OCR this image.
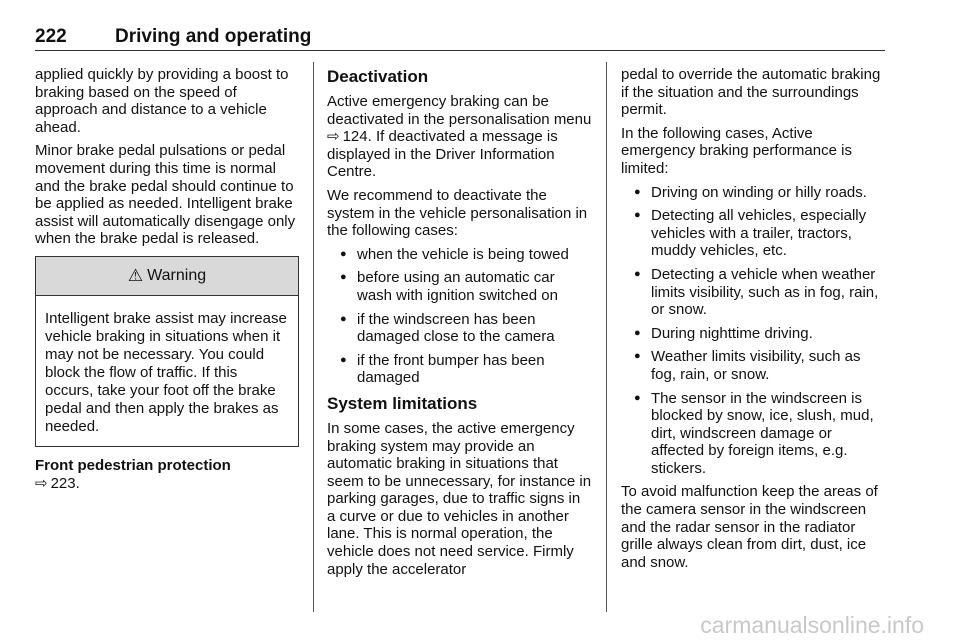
222	Driving and operating

applied quickly by providing a boost to braking based on the speed of approach and distance to a vehicle ahead.

Minor brake pedal pulsations or pedal movement during this time is normal and the brake pedal should continue to be applied as needed. Intelligent brake assist will automatically disengage only when the brake pedal is released.

⚠ Warning
Intelligent brake assist may increase vehicle braking in situations when it may not be necessary. You could block the flow of traffic. If this occurs, take your foot off the brake pedal and then apply the brakes as needed.

Front pedestrian protection

⇨ 223.

Deactivation

Active emergency braking can be deactivated in the personalisation menu ⇨ 124. If deactivated a message is displayed in the Driver Information Centre.

We recommend to deactivate the system in the vehicle personalisation in the following cases:

● when the vehicle is being towed
● before using an automatic car wash with ignition switched on
● if the windscreen has been damaged close to the camera
● if the front bumper has been damaged
System limitations

In some cases, the active emergency braking system may provide an automatic braking in situations that seem to be unnecessary, for instance in parking garages, due to traffic signs in a curve or due to vehicles in another lane. This is normal operation, the vehicle does not need service. Firmly apply the accelerator

pedal to override the automatic braking if the situation and the surroundings permit.

In the following cases, Active emergency braking performance is limited:

● Driving on winding or hilly roads.
● Detecting all vehicles, especially vehicles with a trailer, tractors, muddy vehicles, etc.
● Detecting a vehicle when weather limits visibility, such as in fog, rain, or snow.
● During nighttime driving.
● Weather limits visibility, such as fog, rain, or snow.
● The sensor in the windscreen is blocked by snow, ice, slush, mud, dirt, windscreen damage or affected by foreign items, e.g. stickers.

To avoid malfunction keep the areas of the camera sensor in the windscreen and the radar sensor in the radiator grille always clean from dirt, dust, ice and snow.

carmanualsonline.info
